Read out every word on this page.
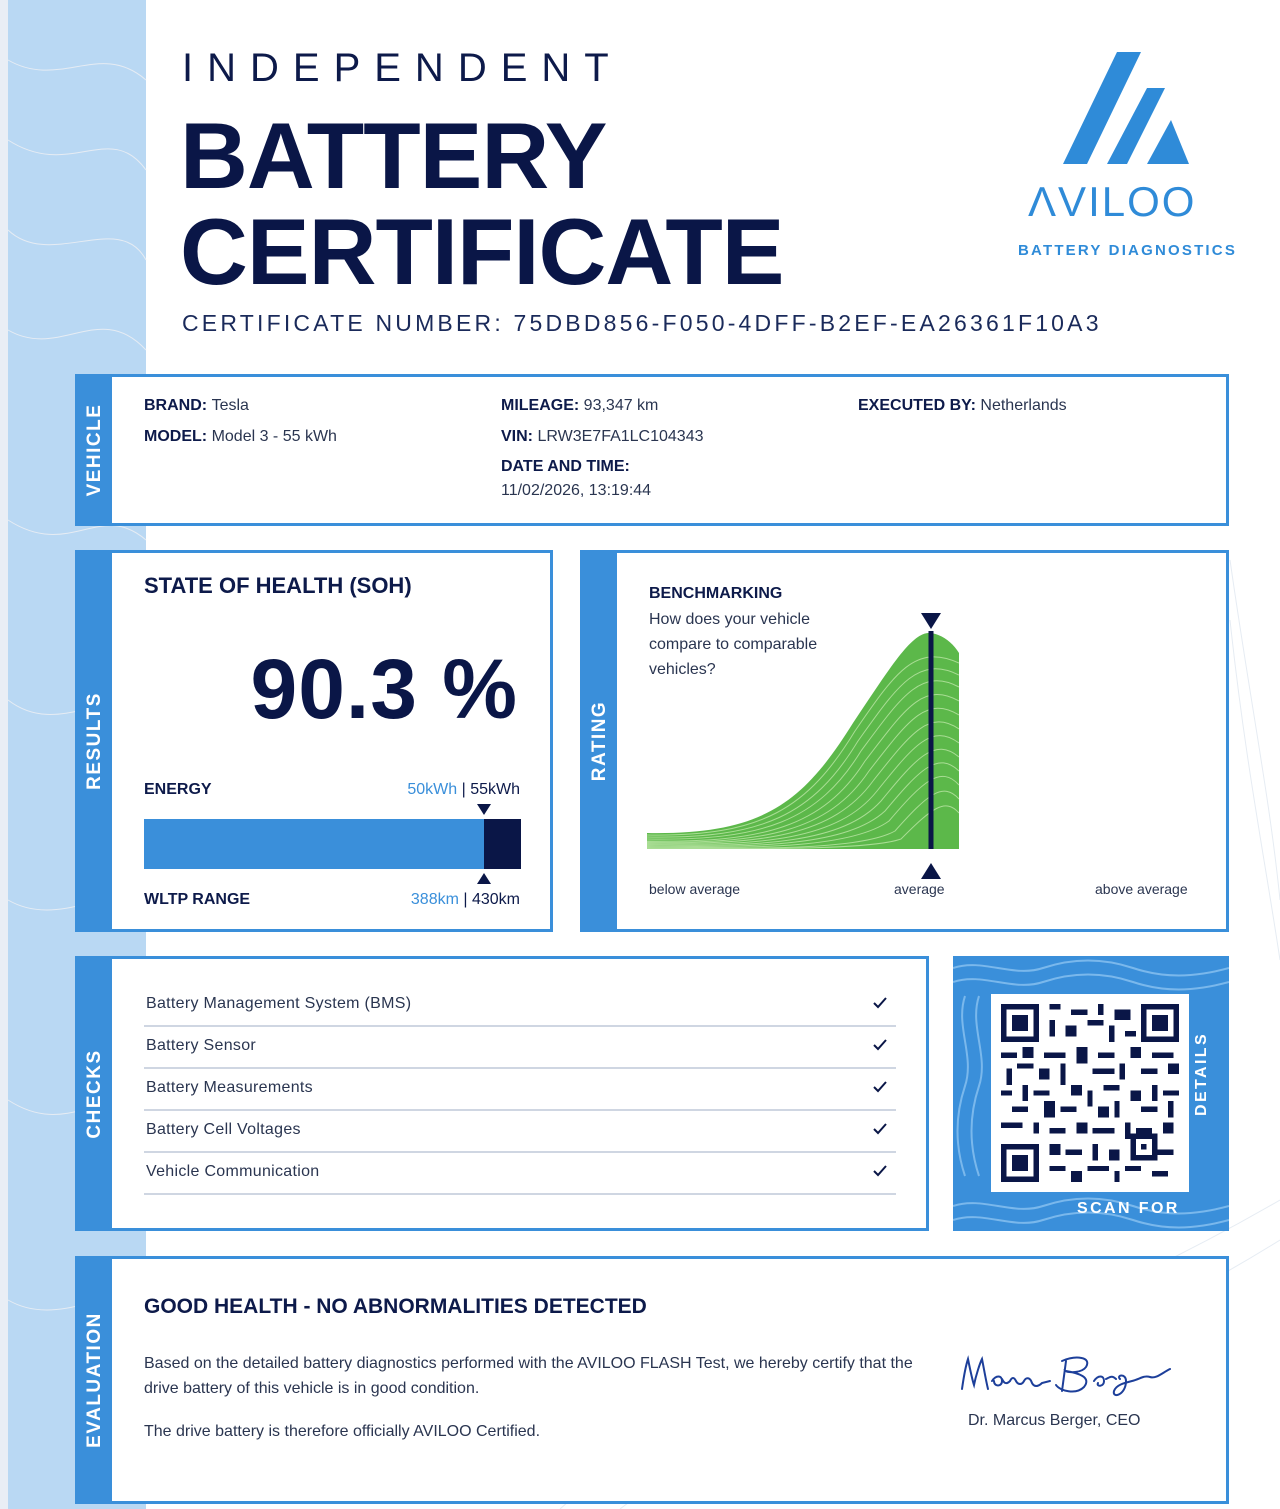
INDEPENDENT
BATTERY
CERTIFICATE
CERTIFICATE NUMBER: 75DBD856-F050-4DFF-B2EF-EA26361F10A3
ΛVILOO
BATTERY DIAGNOSTICS
VEHICLE BRAND: Tesla
MODEL: Model 3 - 55 kWh
MILEAGE: 93,347 km
VIN: LRW3E7FA1LC104343
DATE AND TIME:
11/02/2026, 13:19:44
EXECUTED BY: Netherlands
RESULTS
STATE OF HEALTH (SOH)
90.3 %
ENERGY	50kWh | 55kWh
WLTP RANGE	388km | 430km
RATING
BENCHMARKING
How does your vehicle compare to comparable vehicles?
below average	average	above average
CHECKS
Battery Management System (BMS)
Battery Sensor
Battery Measurements
Battery Cell Voltages
Vehicle Communication
SCAN FOR
DETAILS
EVALUATION
GOOD HEALTH - NO ABNORMALITIES DETECTED
Based on the detailed battery diagnostics performed with the AVILOO FLASH Test, we hereby certify that the drive battery of this vehicle is in good condition.
The drive battery is therefore officially AVILOO Certified.
Dr. Marcus Berger, CEO
